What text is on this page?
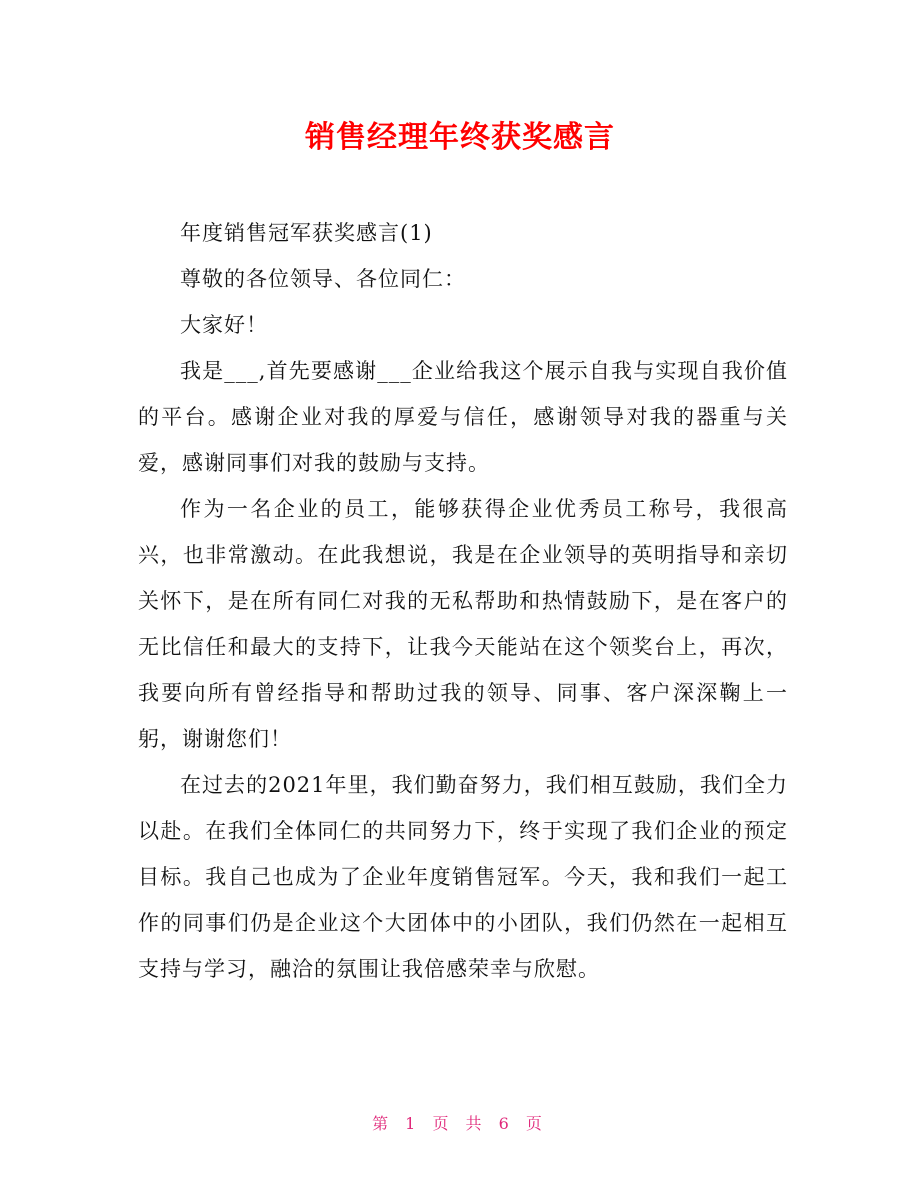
销售经理年终获奖感言

年度销售冠军获奖感言(1)

尊敬的各位领导、各位同仁：

大家好！

我是___,首先要感谢___企业给我这个展示自我与实现自我价值的平台。感谢企业对我的厚爱与信任，感谢领导对我的器重与关爱，感谢同事们对我的鼓励与支持。

作为一名企业的员工，能够获得企业优秀员工称号，我很高兴，也非常激动。在此我想说，我是在企业领导的英明指导和亲切关怀下，是在所有同仁对我的无私帮助和热情鼓励下，是在客户的无比信任和最大的支持下，让我今天能站在这个领奖台上，再次，我要向所有曾经指导和帮助过我的领导、同事、客户深深鞠上一躬，谢谢您们！

在过去的2021年里，我们勤奋努力，我们相互鼓励，我们全力以赴。在我们全体同仁的共同努力下，终于实现了我们企业的预定目标。我自己也成为了企业年度销售冠军。今天，我和我们一起工作的同事们仍是企业这个大团体中的小团队，我们仍然在一起相互支持与学习，融洽的氛围让我倍感荣幸与欣慰。

第 1 页 共 6 页
